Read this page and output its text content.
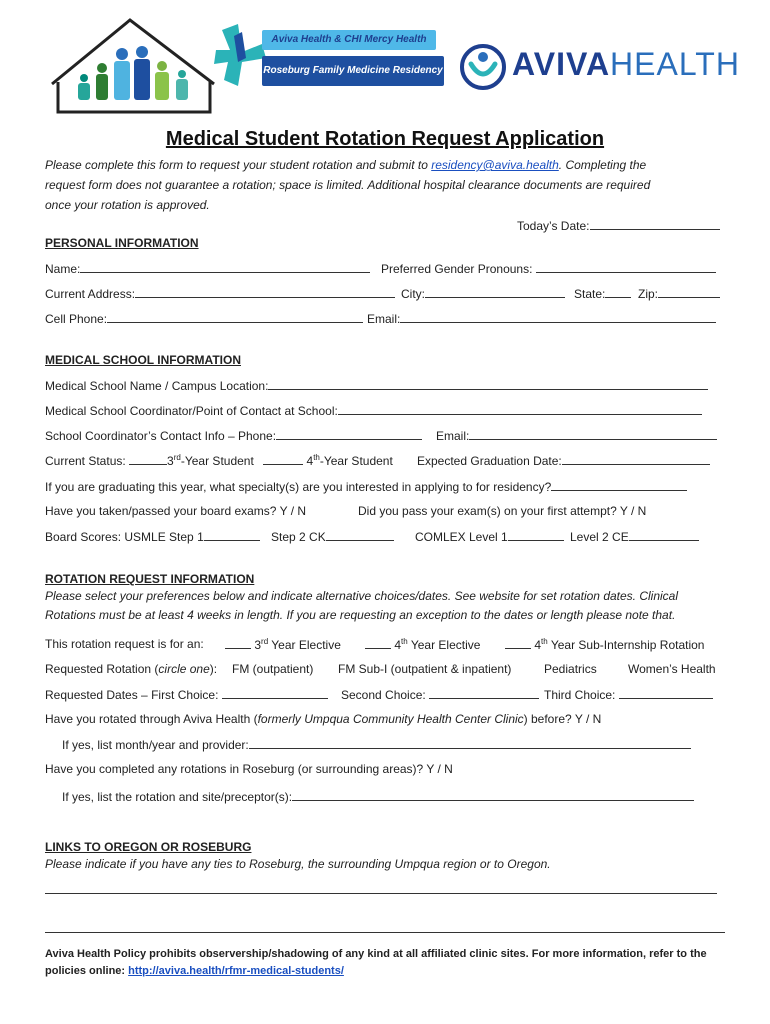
Aviva Health & CHI Mercy Health
Roseburg Family Medicine Residency AVIVAHEALTH
Medical Student Rotation Request Application
Please complete this form to request your student rotation and submit to residency@aviva.health. Completing the
request form does not guarantee a rotation; space is limited. Additional hospital clearance documents are required
once your rotation is approved.
Today’s Date:
PERSONAL INFORMATION
Name:	Preferred Gender Pronouns:
Current Address:	City:	State:	Zip:
Cell Phone:	Email:
MEDICAL SCHOOL INFORMATION
Medical School Name / Campus Location:
Medical School Coordinator/Point of Contact at School:
School Coordinator’s Contact Info – Phone:	Email:
Current Status:	3rd-Year Student	4th-Year Student Expected Graduation Date:
If you are graduating this year, what specialty(s) are you interested in applying to for residency?
Have you taken/passed your board exams? Y / N	Did you pass your exam(s) on your first attempt? Y / N
Board Scores: USMLE Step 1	Step 2 CK	COMLEX Level 1	Level 2 CE
ROTATION REQUEST INFORMATION
Please select your preferences below and indicate alternative choices/dates. See website for set rotation dates. Clinical
Rotations must be at least 4 weeks in length. If you are requesting an exception to the dates or length please note that.
This rotation request is for an:	3rd Year Elective	4th Year Elective	4th Year Sub-Internship Rotation
Requested Rotation (circle one): FM (outpatient) FM Sub-I (outpatient & inpatient)	Pediatrics	Women’s Health
Requested Dates – First Choice:	Second Choice:	Third Choice:
Have you rotated through Aviva Health (formerly Umpqua Community Health Center Clinic) before? Y / N
If yes, list month/year and provider:
Have you completed any rotations in Roseburg (or surrounding areas)? Y / N
If yes, list the rotation and site/preceptor(s):
LINKS TO OREGON OR ROSEBURG
Please indicate if you have any ties to Roseburg, the surrounding Umpqua region or to Oregon.
Aviva Health Policy prohibits observership/shadowing of any kind at all affiliated clinic sites. For more information, refer to the
policies online: http://aviva.health/rfmr-medical-students/
